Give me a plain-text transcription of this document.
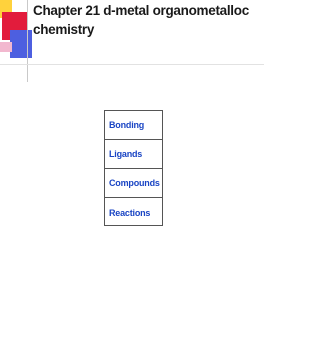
Chapter 21 d-metal organometalloc
chemistry
Bonding
Ligands
Compounds
Reactions
